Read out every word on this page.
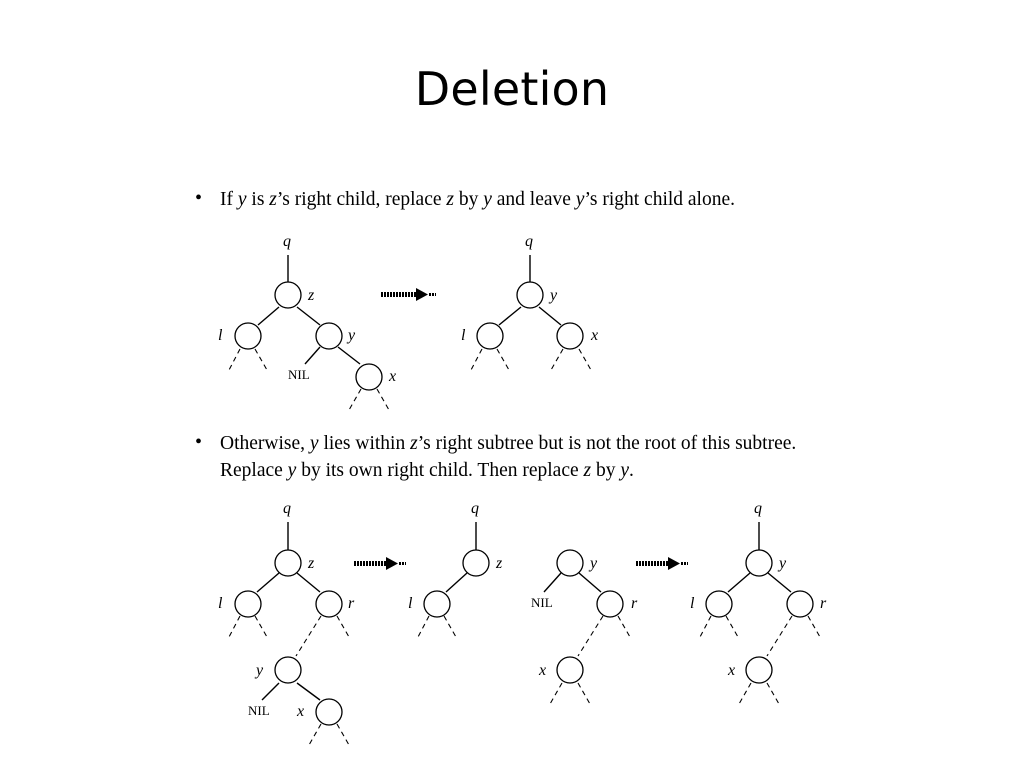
Deletion
• If y is z’s right child, replace z by y and leave y’s right child alone.
• Otherwise, y lies within z’s right subtree but is not the root of this subtree.
Replace y by its own right child. Then replace z by y.
q
z
l	y
NIL	x
q
y
l	x
q
z
l	r
y
NIL x
q
z
l
y
NIL	r
x
q
y
l	r
x
